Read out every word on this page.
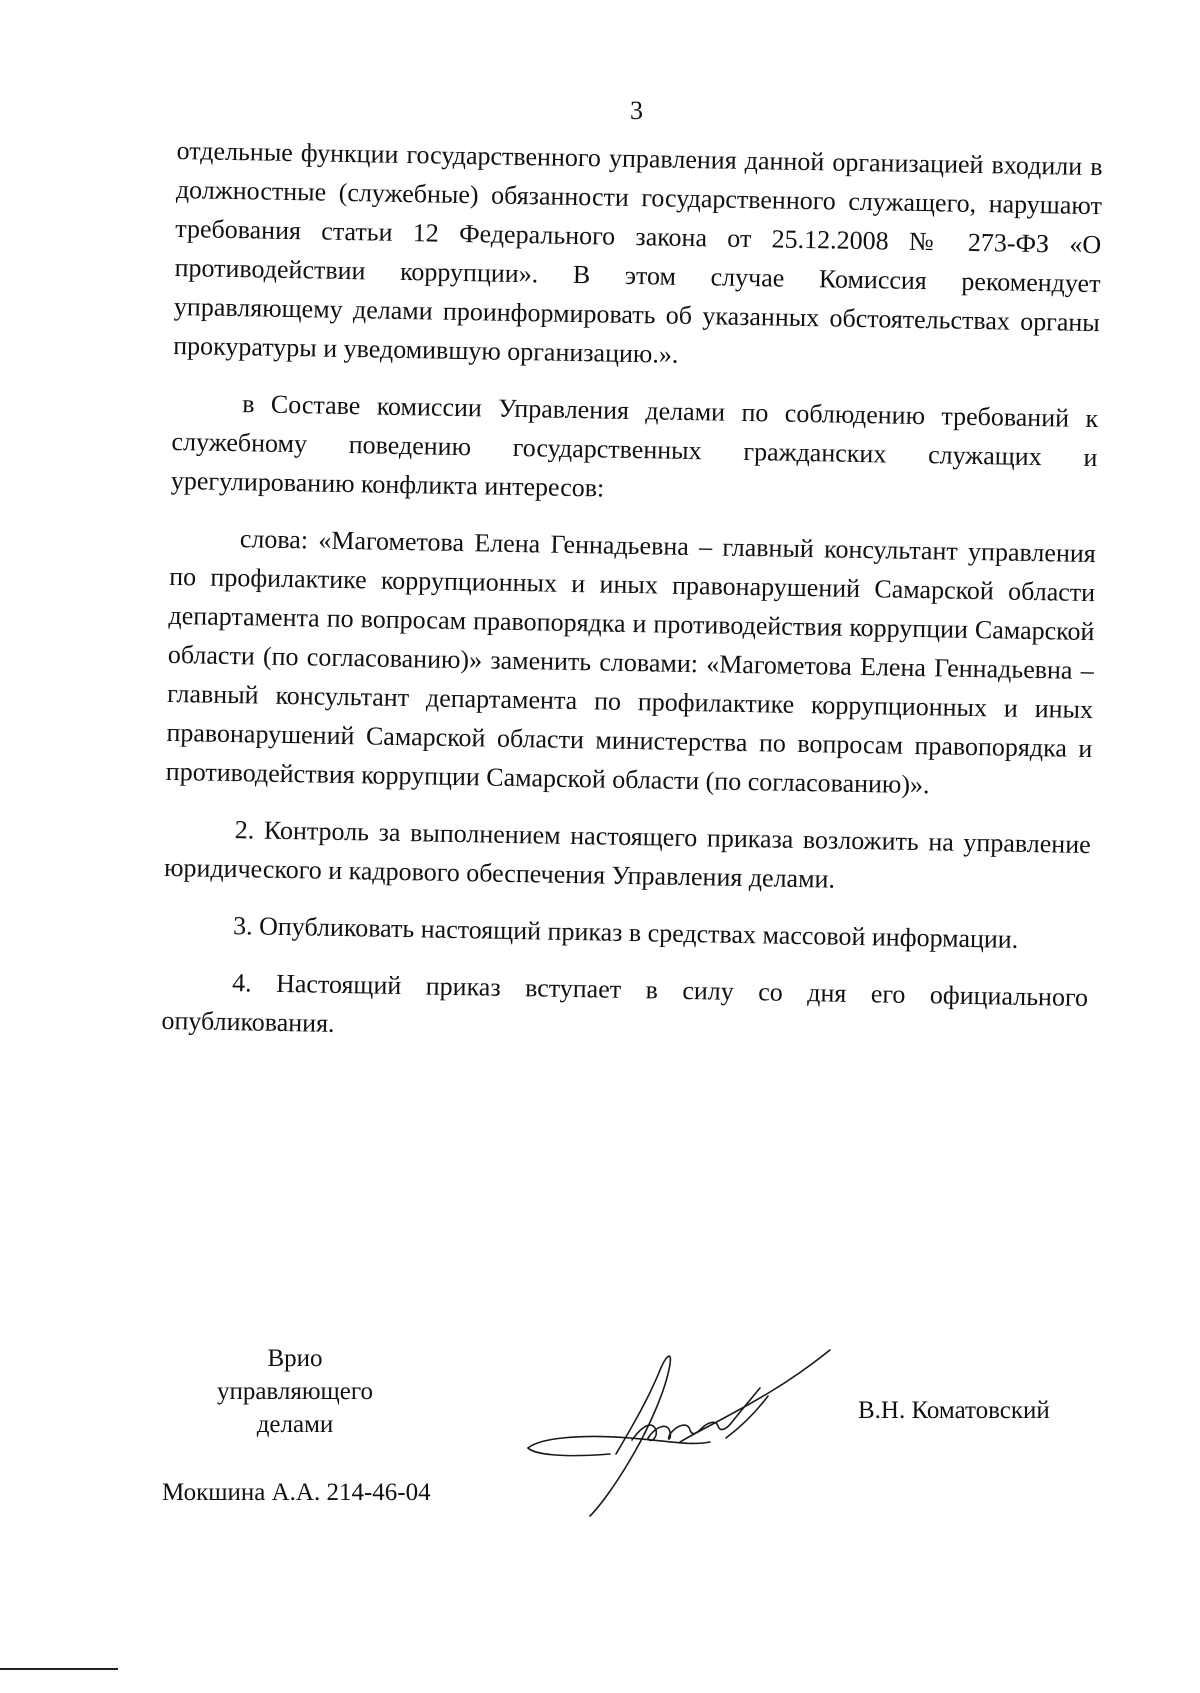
3

отдельные функции государственного управления данной организацией входили в должностные (служебные) обязанности государственного служащего, нарушают требования статьи 12 Федерального закона от 25.12.2008 № 273-ФЗ «О противодействии коррупции». В этом случае Комиссия рекомендует управляющему делами проинформировать об указанных обстоятельствах органы прокуратуры и уведомившую организацию.».

в Составе комиссии Управления делами по соблюдению требований к служебному поведению государственных гражданских служащих и урегулированию конфликта интересов:

слова: «Магометова Елена Геннадьевна – главный консультант управления по профилактике коррупционных и иных правонарушений Самарской области департамента по вопросам правопорядка и противодействия коррупции Самарской области (по согласованию)» заменить словами: «Магометова Елена Геннадьевна – главный консультант департамента по профилактике коррупционных и иных правонарушений Самарской области министерства по вопросам правопорядка и противодействия коррупции Самарской области (по согласованию)».

2. Контроль за выполнением настоящего приказа возложить на управление юридического и кадрового обеспечения Управления делами.

3. Опубликовать настоящий приказ в средствах массовой информации.

4. Настоящий приказ вступает в силу со дня его официального опубликования.

Врио
управляющего
делами
В.Н. Коматовский
Мокшина А.А. 214-46-04
